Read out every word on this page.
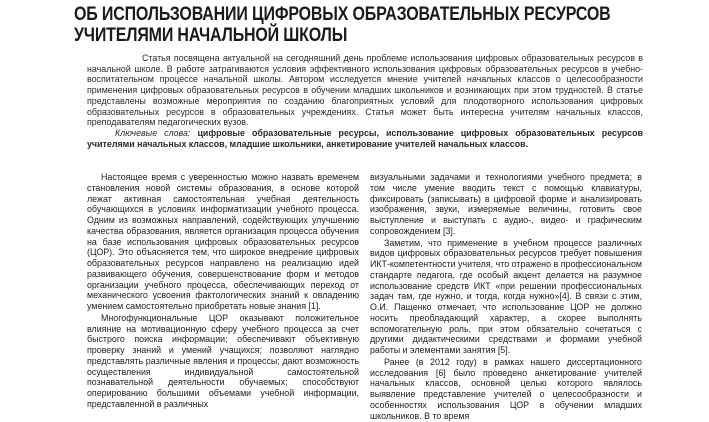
ОБ ИСПОЛЬЗОВАНИИ ЦИФРОВЫХ ОБРАЗОВАТЕЛЬНЫХ РЕСУРСОВ
УЧИТЕЛЯМИ НАЧАЛЬНОЙ ШКОЛЫ

Статья посвящена актуальной на сегодняшний день проблеме использования цифровых образовательных ресурсов в начальной школе. В работе затрагиваются условия эффективного использования цифровых образовательных ресурсов в учебно-воспитательном процессе начальной школы. Автором исследуется мнение учителей начальных классов о целесообразности применения цифровых образовательных ресурсов в обучении младших школьников и возникающих при этом трудностей. В статье представлены возможные мероприятия по созданию благоприятных условий для плодотворного использования цифровых образовательных ресурсов в образовательных учреждениях. Статья может быть интересна учителям начальных классов, преподавателям педагогических вузов.

Ключевые слова: цифровые образовательные ресурсы, использование цифровых образовательных ресурсов учителями начальных классов, младшие школьники, анкетирование учителей начальных классов.

Настоящее время с уверенностью можно назвать временем становления новой системы образования, в основе которой лежат активная самостоятельная учебная деятельность обучающихся в условиях информатизации учебного процесса. Одним из возможных направлений, содействующих улучшению качества образования, является организация процесса обучения на базе использования цифровых образовательных ресурсов (ЦОР). Это объясняется тем, что широкое внедрение цифровых образовательных ресурсов направлено на реализацию идей развивающего обучения, совершенствование форм и методов организации учебного процесса, обеспечивающих переход от механического усвоения фактологических знаний к овладению умением самостоятельно приобретать новые знания [1].

Многофункциональные ЦОР оказывают положительное влияние на мотивационную сферу учебного процесса за счет быстрого поиска информации; обеспечивают объективную проверку знаний и умений учащихся; позволяют наглядно представлять различные явления и процессы; дают возможность осуществления индивидуальной самостоятельной познавательной деятельности обучаемых; способствуют оперированию большими объемами учебной информации, представленной в различных

визуальными задачами и технологиями учебного предмета; в том числе умение вводить текст с помощью клавиатуры, фиксировать (записывать) в цифровой форме и анализировать изображения, звуки, измеряемые величины, готовить свое выступление и выступать с аудио-, видео- и графическим сопровождением [3].

Заметим, что применение в учебном процессе различных видов цифровых образовательных ресурсов требует повышения ИКТ-компетентности учителя, что отражено в профессиональном стандарте педагога, где особый акцент делается на разумное использование средств ИКТ «при решении профессиональных задач там, где нужно, и тогда, когда нужно»[4]. В связи с этим, О.И. Пащенко отмечает, что использование ЦОР не должно носить преобладающий характер, а скорее выполнять вспомогательную роль, при этом обязательно сочетаться с другими дидактическими средствами и формами учебной работы и элементами занятия [5].

Ранее (в 2012 году) в рамках нашего диссертационного исследования [6] было проведено анкетирование учителей начальных классов, основной целью которого являлось выявление представление учителей о целесообразности и особенностях использования ЦОР в обучении младших школьников. В то время
